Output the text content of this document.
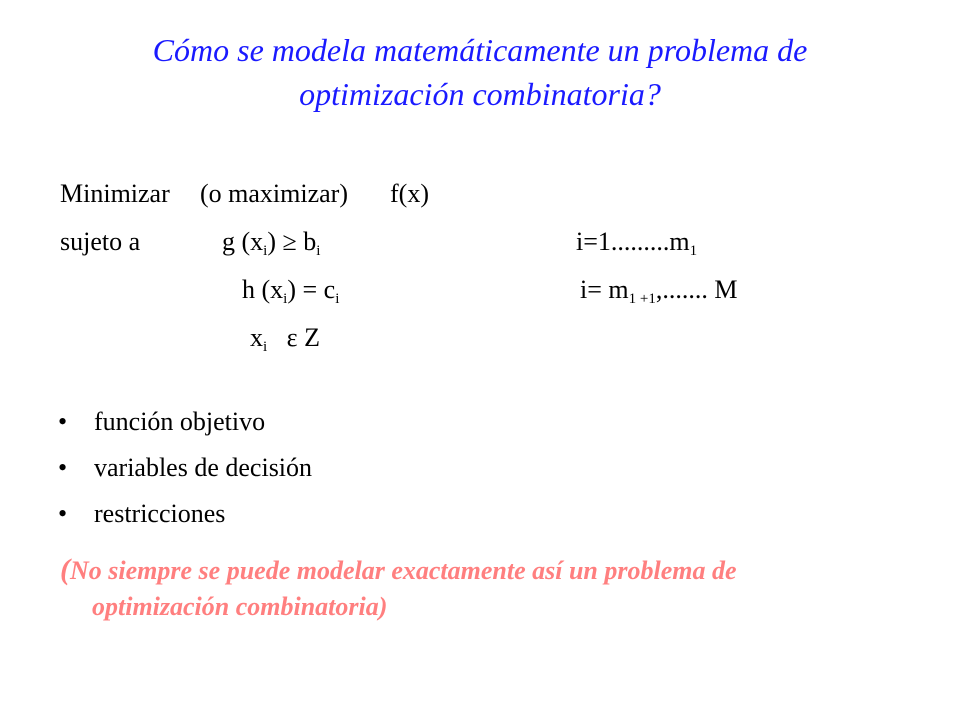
Cómo se modela matemáticamente un problema de
optimización combinatoria?
Minimizar (o maximizar) f(x)
sujeto a	g $(x_i) \ge b_i$	$i=1.........m_1$
h $(x_i) = c_i$	$i= m_{1 +1}$,....... M
$x_i$ ε Z
• función objetivo
• variables de decisión
• restricciones
(No siempre se puede modelar exactamente así un problema de
optimización combinatoria)
